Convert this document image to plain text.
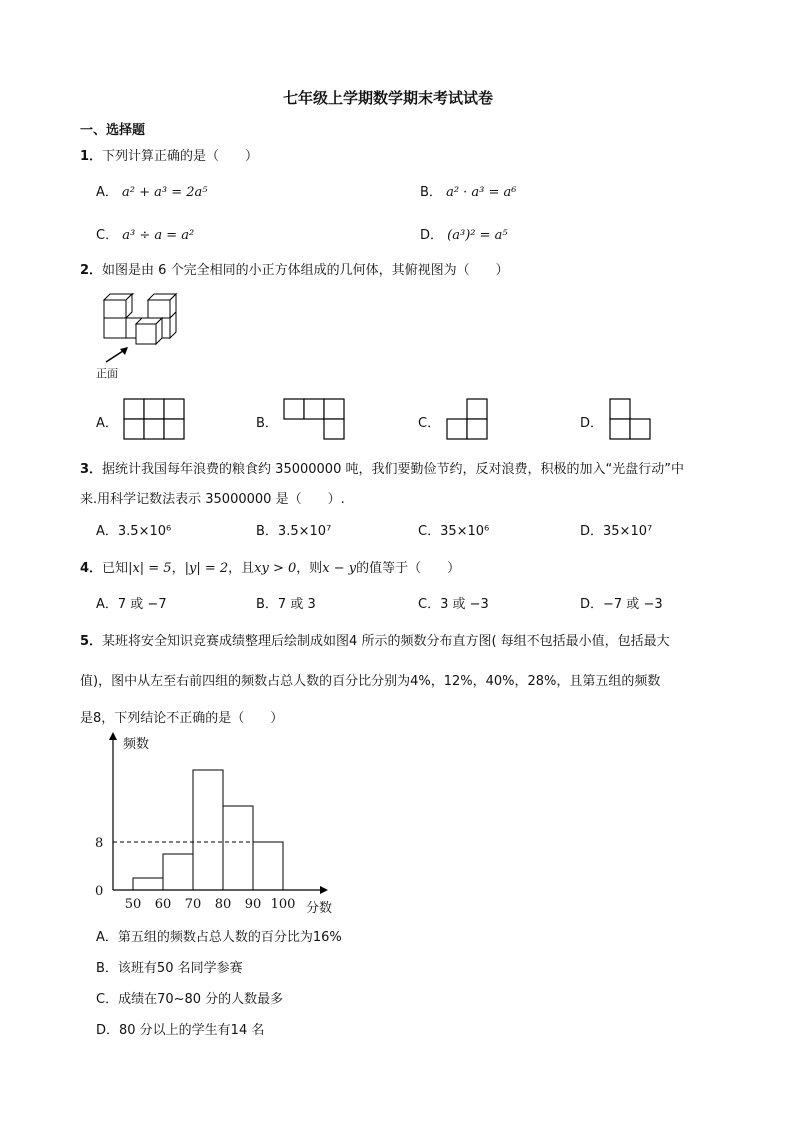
七年级上学期数学期末考试试卷
一、选择题
1．下列计算正确的是（　　）
A． a² + a³ = 2a⁵	B． a² · a³ = a⁶
C． a³ ÷ a = a²	D． (a³)² = a⁵
2．如图是由 6 个完全相同的小正方体组成的几何体，其俯视图为（　　）
正面
A．	B．	C．	D．
3．据统计我国每年浪费的粮食约 35000000 吨，我们要勤俭节约，反对浪费，积极的加入“光盘行动”中
来.用科学记数法表示 35000000 是（　　）.
A．3.5×10⁶	B．3.5×10⁷	C．35×10⁶	D．35×10⁷
4．已知|x| = 5，|y| = 2，且xy > 0，则x − y的值等于（　　）
A．7 或 −7	B．7 或 3	C．3 或 −3	D．−7 或 −3
5．某班将安全知识竞赛成绩整理后绘制成如图4 所示的频数分布直方图( 每组不包括最小值，包括最大
值)，图中从左至右前四组的频数占总人数的百分比分别为4%，12%，40%，28%，且第五组的频数
是8，下列结论不正确的是（　　）
频数
分数
0
8
50 60 70 80 90 100
A．第五组的频数占总人数的百分比为16%
B．该班有50 名同学参赛
C．成绩在70~80 分的人数最多
D．80 分以上的学生有14 名
